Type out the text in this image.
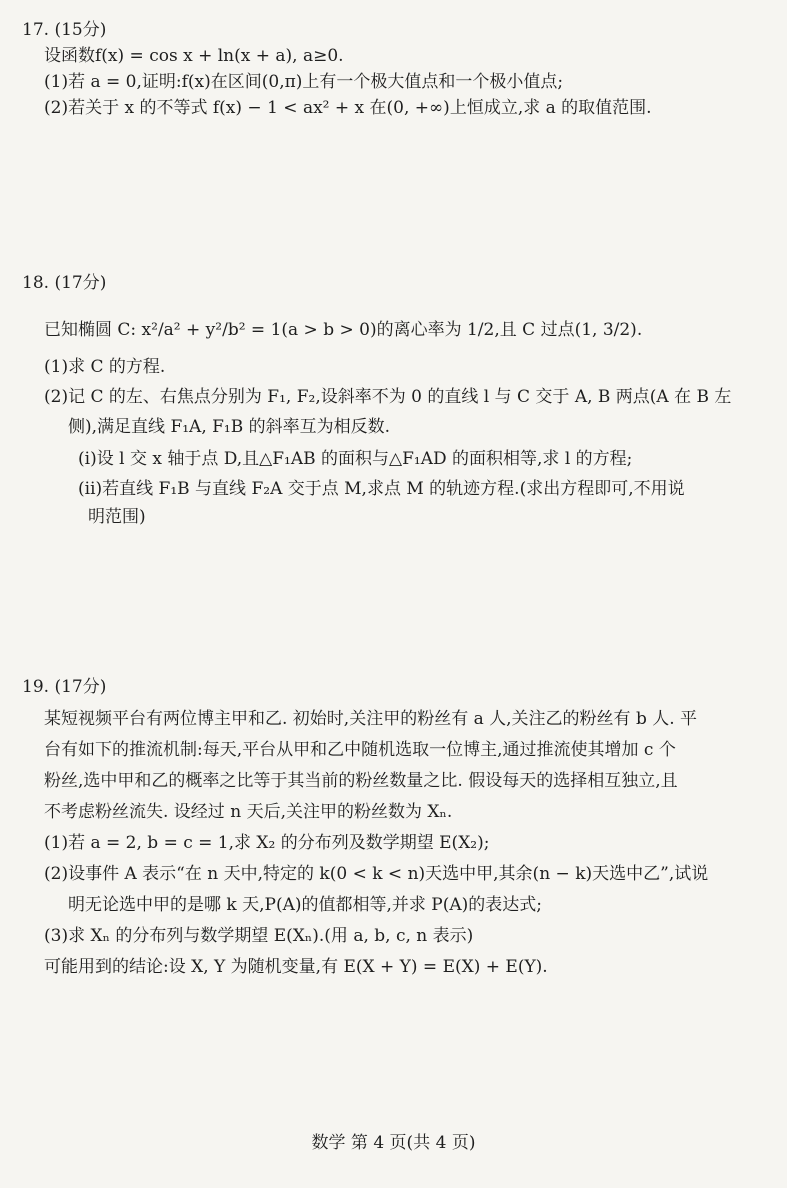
17. (15分)
设函数f(x) = cos x + ln(x + a), a≥0.
(1)若 a = 0,证明:f(x)在区间(0,π)上有一个极大值点和一个极小值点;
(2)若关于 x 的不等式 f(x) − 1 < ax² + x 在(0, +∞)上恒成立,求 a 的取值范围.
18. (17分)
已知椭圆 C: x²/a² + y²/b² = 1(a > b > 0)的离心率为 1/2,且 C 过点(1, 3/2).
(1)求 C 的方程.
(2)记 C 的左、右焦点分别为 F₁, F₂,设斜率不为 0 的直线 l 与 C 交于 A, B 两点(A 在 B 左
侧),满足直线 F₁A, F₁B 的斜率互为相反数.
(ⅰ)设 l 交 x 轴于点 D,且△F₁AB 的面积与△F₁AD 的面积相等,求 l 的方程;
(ⅱ)若直线 F₁B 与直线 F₂A 交于点 M,求点 M 的轨迹方程.(求出方程即可,不用说
明范围)
19. (17分)
某短视频平台有两位博主甲和乙. 初始时,关注甲的粉丝有 a 人,关注乙的粉丝有 b 人. 平
台有如下的推流机制:每天,平台从甲和乙中随机选取一位博主,通过推流使其增加 c 个
粉丝,选中甲和乙的概率之比等于其当前的粉丝数量之比. 假设每天的选择相互独立,且
不考虑粉丝流失. 设经过 n 天后,关注甲的粉丝数为 Xₙ.
(1)若 a = 2, b = c = 1,求 X₂ 的分布列及数学期望 E(X₂);
(2)设事件 A 表示“在 n 天中,特定的 k(0 < k < n)天选中甲,其余(n − k)天选中乙”,试说
明无论选中甲的是哪 k 天,P(A)的值都相等,并求 P(A)的表达式;
(3)求 Xₙ 的分布列与数学期望 E(Xₙ).(用 a, b, c, n 表示)
可能用到的结论:设 X, Y 为随机变量,有 E(X + Y) = E(X) + E(Y).
数学 第 4 页(共 4 页)
